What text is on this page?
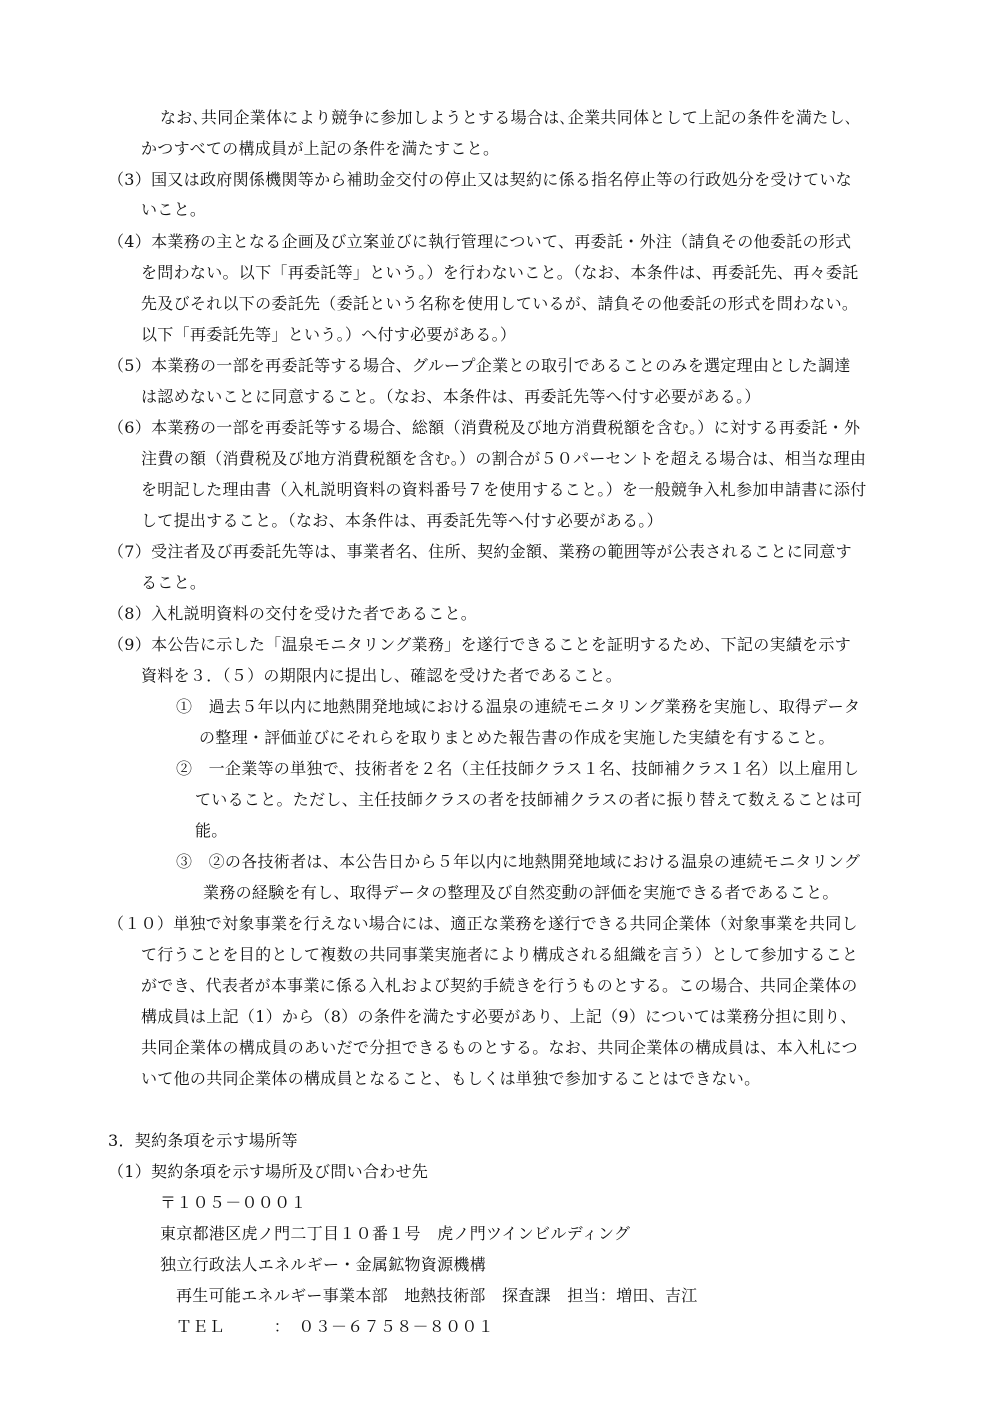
なお､共同企業体により競争に参加しようとする場合は､企業共同体として上記の条件を満たし､
かつすべての構成員が上記の条件を満たすこと。
（3）国又は政府関係機関等から補助金交付の停止又は契約に係る指名停止等の行政処分を受けていな
いこと。
（4）本業務の主となる企画及び立案並びに執行管理について、再委託・外注（請負その他委託の形式
を問わない。以下「再委託等」という。）を行わないこと。（なお、本条件は、再委託先、再々委託
先及びそれ以下の委託先（委託という名称を使用しているが、請負その他委託の形式を問わない。
以下「再委託先等」という。）へ付す必要がある。）
（5）本業務の一部を再委託等する場合、グループ企業との取引であることのみを選定理由とした調達
は認めないことに同意すること。（なお、本条件は、再委託先等へ付す必要がある。）
（6）本業務の一部を再委託等する場合、総額（消費税及び地方消費税額を含む。）に対する再委託・外
注費の額（消費税及び地方消費税額を含む。）の割合が５０パーセントを超える場合は、相当な理由
を明記した理由書（入札説明資料の資料番号７を使用すること。）を一般競争入札参加申請書に添付
して提出すること。（なお、本条件は、再委託先等へ付す必要がある。）
（7）受注者及び再委託先等は、事業者名、住所、契約金額、業務の範囲等が公表されることに同意す
ること。
（8）入札説明資料の交付を受けた者であること。
（9）本公告に示した「温泉モニタリング業務」を遂行できることを証明するため、下記の実績を示す
資料を３．（５）の期限内に提出し、確認を受けた者であること。
①　過去５年以内に地熱開発地域における温泉の連続モニタリング業務を実施し、取得データ
の整理・評価並びにそれらを取りまとめた報告書の作成を実施した実績を有すること。
②　一企業等の単独で、技術者を２名（主任技師クラス１名、技師補クラス１名）以上雇用し
ていること。ただし、主任技師クラスの者を技師補クラスの者に振り替えて数えることは可
能。
③　②の各技術者は、本公告日から５年以内に地熱開発地域における温泉の連続モニタリング
業務の経験を有し、取得データの整理及び自然変動の評価を実施できる者であること。
（１０）単独で対象事業を行えない場合には、適正な業務を遂行できる共同企業体（対象事業を共同し
て行うことを目的として複数の共同事業実施者により構成される組織を言う）として参加すること
ができ、代表者が本事業に係る入札および契約手続きを行うものとする。この場合、共同企業体の
構成員は上記（1）から（8）の条件を満たす必要があり、上記（9）については業務分担に則り、
共同企業体の構成員のあいだで分担できるものとする。なお、共同企業体の構成員は、本入札につ
いて他の共同企業体の構成員となること、もしくは単独で参加することはできない。
3．契約条項を示す場所等
（1）契約条項を示す場所及び問い合わせ先
〒１０５－０００１
東京都港区虎ノ門二丁目１０番１号　虎ノ門ツインビルディング
独立行政法人エネルギー・金属鉱物資源機構
再生可能エネルギー事業本部　地熱技術部　探査課　担当：増田、吉江
ＴＥＬ　　　：　０３－６７５８－８００１
